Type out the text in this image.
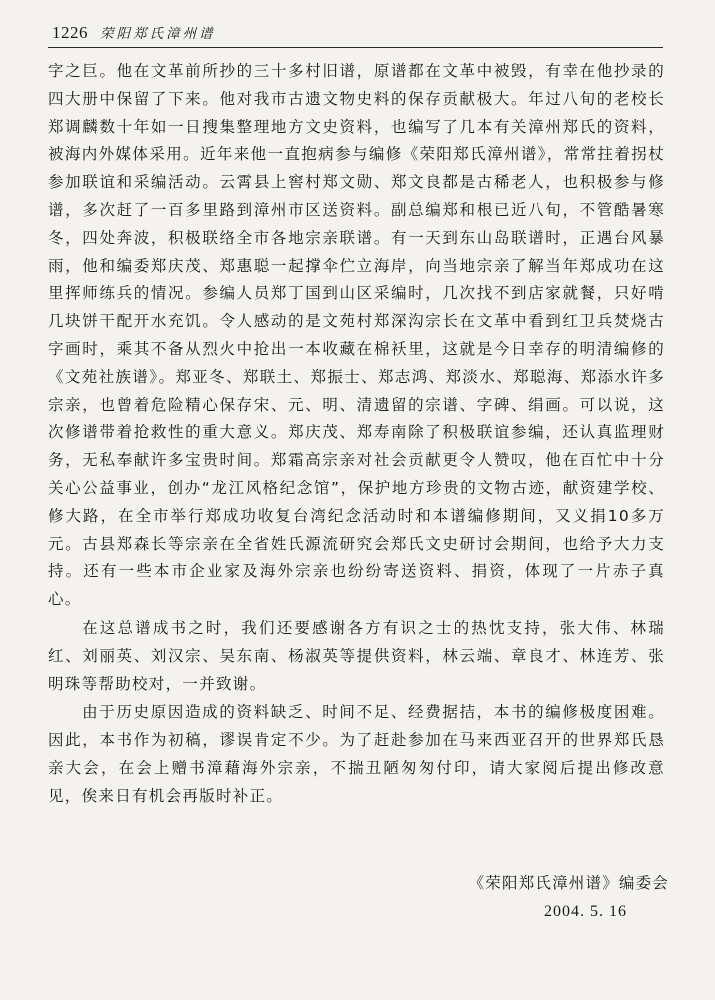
1226 荣阳郑氏漳州谱

字之巨。他在文革前所抄的三十多村旧谱，原谱都在文革中被毁，有幸在他抄录的四大册中保留了下来。他对我市古遗文物史料的保存贡献极大。年过八旬的老校长郑调麟数十年如一日搜集整理地方文史资料，也编写了几本有关漳州郑氏的资料，被海内外媒体采用。近年来他一直抱病参与编修《荣阳郑氏漳州谱》，常常拄着拐杖参加联谊和采编活动。云霄县上窖村郑文勋、郑文良都是古稀老人，也积极参与修谱，多次赶了一百多里路到漳州市区送资料。副总编郑和根已近八旬，不管酷暑寒冬，四处奔波，积极联络全市各地宗亲联谱。有一天到东山岛联谱时，正遇台风暴雨，他和编委郑庆茂、郑惠聪一起撑伞伫立海岸，向当地宗亲了解当年郑成功在这里挥师练兵的情况。参编人员郑丁国到山区采编时，几次找不到店家就餐，只好啃几块饼干配开水充饥。令人感动的是文苑村郑深沟宗长在文革中看到红卫兵焚烧古字画时，乘其不备从烈火中抢出一本收藏在棉袄里，这就是今日幸存的明清编修的《文苑社族谱》。郑亚冬、郑联土、郑振士、郑志鸿、郑淡水、郑聪海、郑添水许多宗亲，也曾着危险精心保存宋、元、明、清遗留的宗谱、字碑、绢画。可以说，这次修谱带着抢救性的重大意义。郑庆茂、郑寿南除了积极联谊参编，还认真监理财务，无私奉献许多宝贵时间。郑霜高宗亲对社会贡献更令人赞叹，他在百忙中十分关心公益事业，创办“龙江风格纪念馆”，保护地方珍贵的文物古迹，献资建学校、修大路，在全市举行郑成功收复台湾纪念活动时和本谱编修期间，又义捐10多万元。古县郑森长等宗亲在全省姓氏源流研究会郑氏文史研讨会期间，也给予大力支持。还有一些本市企业家及海外宗亲也纷纷寄送资料、捐资，体现了一片赤子真心。

在这总谱成书之时，我们还要感谢各方有识之士的热忱支持，张大伟、林瑞红、刘丽英、刘汉宗、吴东南、杨淑英等提供资料，林云端、章良才、林连芳、张明珠等帮助校对，一并致谢。

由于历史原因造成的资料缺乏、时间不足、经费据拮，本书的编修极度困难。因此，本书作为初稿，谬误肯定不少。为了赶赴参加在马来西亚召开的世界郑氏恳亲大会，在会上赠书漳藉海外宗亲，不揣丑陋匆匆付印，请大家阅后提出修改意见，俟来日有机会再版时补正。

《荣阳郑氏漳州谱》编委会
2004. 5. 16
